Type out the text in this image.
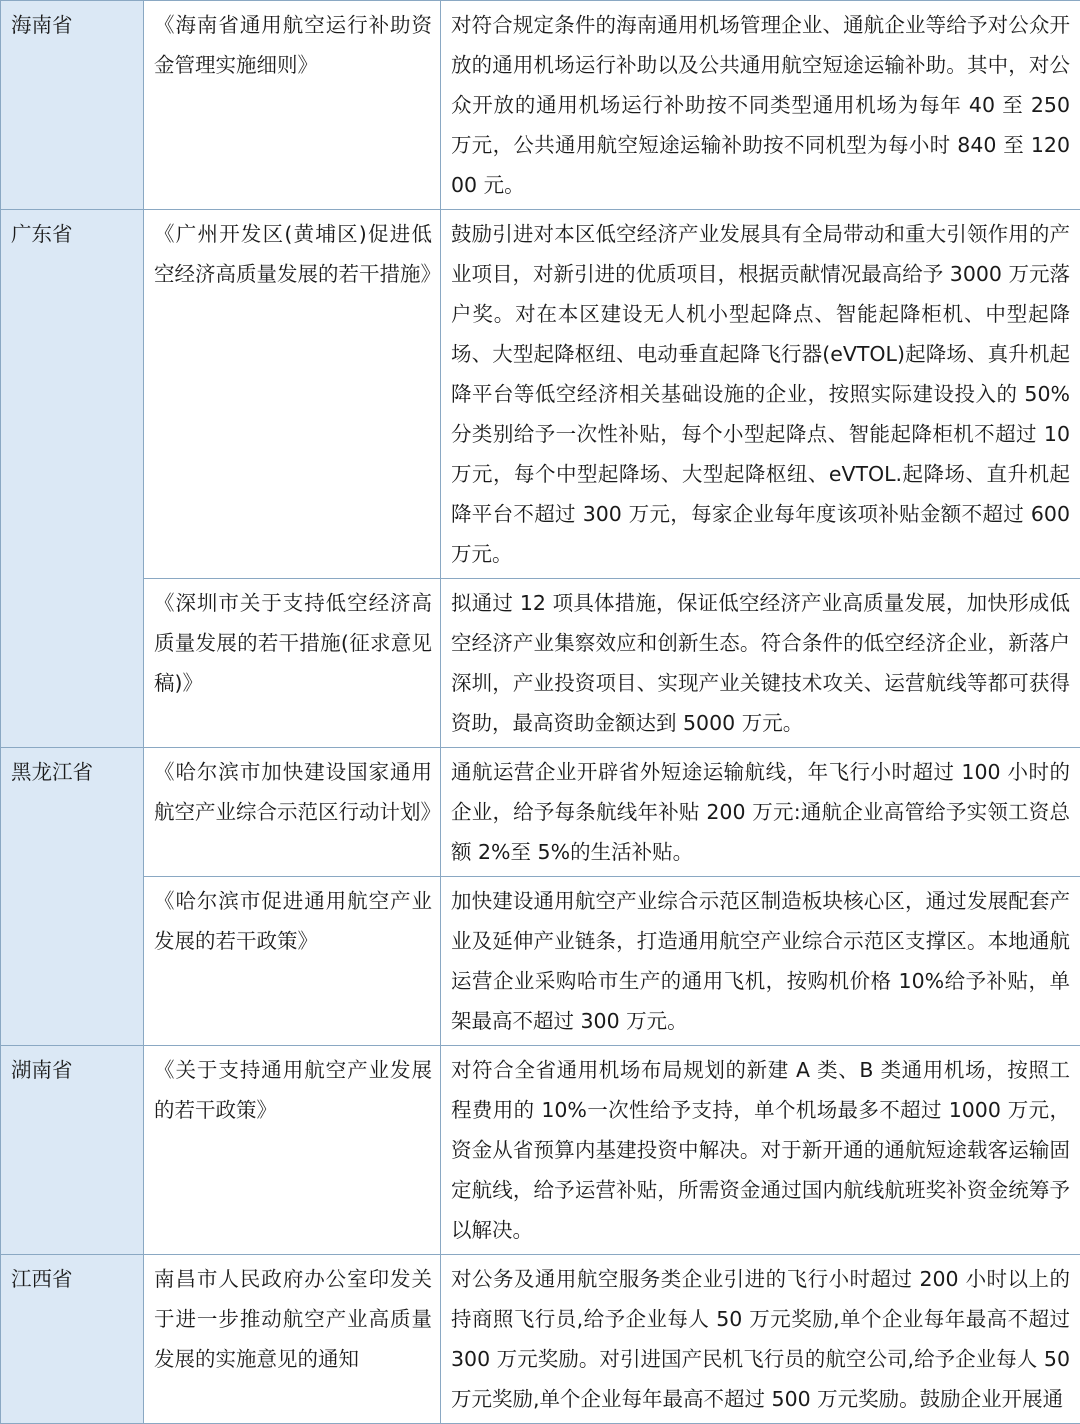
海南省	《海南省通用航空运行补助资金管理实施细则》	对符合规定条件的海南通用机场管理企业、通航企业等给予对公众开放的通用机场运行补助以及公共通用航空短途运输补助。其中，对公众开放的通用机场运行补助按不同类型通用机场为每年 40 至 250 万元，公共通用航空短途运输补助按不同机型为每小时 840 至 12000 元。
广东省	《广州开发区(黄埔区)促进低空经济高质量发展的若干措施》	鼓励引进对本区低空经济产业发展具有全局带动和重大引领作用的产业项目，对新引进的优质项目，根据贡献情况最高给予 3000 万元落户奖。对在本区建设无人机小型起降点、智能起降柜机、中型起降场、大型起降枢纽、电动垂直起降飞行器(eVTOL)起降场、真升机起降平台等低空经济相关基础设施的企业，按照实际建设投入的 50%分类别给予一次性补贴，每个小型起降点、智能起降柜机不超过 10 万元，每个中型起降场、大型起降枢纽、eVTOL.起降场、直升机起降平台不超过 300 万元，每家企业每年度该项补贴金额不超过 600 万元。
	《深圳市关于支持低空经济高质量发展的若干措施(征求意见稿)》	拟通过 12 项具体措施，保证低空经济产业高质量发展，加快形成低空经济产业集察效应和创新生态。符合条件的低空经济企业，新落户深圳，产业投资项目、实现产业关键技术攻关、运营航线等都可获得资助，最高资助金额达到 5000 万元。
黑龙江省	《哈尔滨市加快建设国家通用航空产业综合示范区行动计划》	通航运营企业开辟省外短途运输航线，年飞行小时超过 100 小时的企业，给予每条航线年补贴 200 万元:通航企业高管给予实领工资总额 2%至 5%的生活补贴。
	《哈尔滨市促进通用航空产业发展的若干政策》	加快建设通用航空产业综合示范区制造板块核心区，通过发展配套产业及延伸产业链条，打造通用航空产业综合示范区支撑区。本地通航运营企业采购哈市生产的通用飞机，按购机价格 10%给予补贴，单架最高不超过 300 万元。
湖南省	《关于支持通用航空产业发展的若干政策》	对符合全省通用机场布局规划的新建 A 类、B 类通用机场，按照工程费用的 10%一次性给予支持，单个机场最多不超过 1000 万元，资金从省预算内基建投资中解决。对于新开通的通航短途载客运输固定航线，给予运营补贴，所需资金通过国内航线航班奖补资金统筹予以解决。
江西省	南昌市人民政府办公室印发关于进一步推动航空产业高质量发展的实施意见的通知	对公务及通用航空服务类企业引进的飞行小时超过 200 小时以上的持商照飞行员,给予企业每人 50 万元奖励,单个企业每年最高不超过 300 万元奖励。对引进国产民机飞行员的航空公司,给予企业每人 50 万元奖励,单个企业每年最高不超过 500 万元奖励。鼓励企业开展通
